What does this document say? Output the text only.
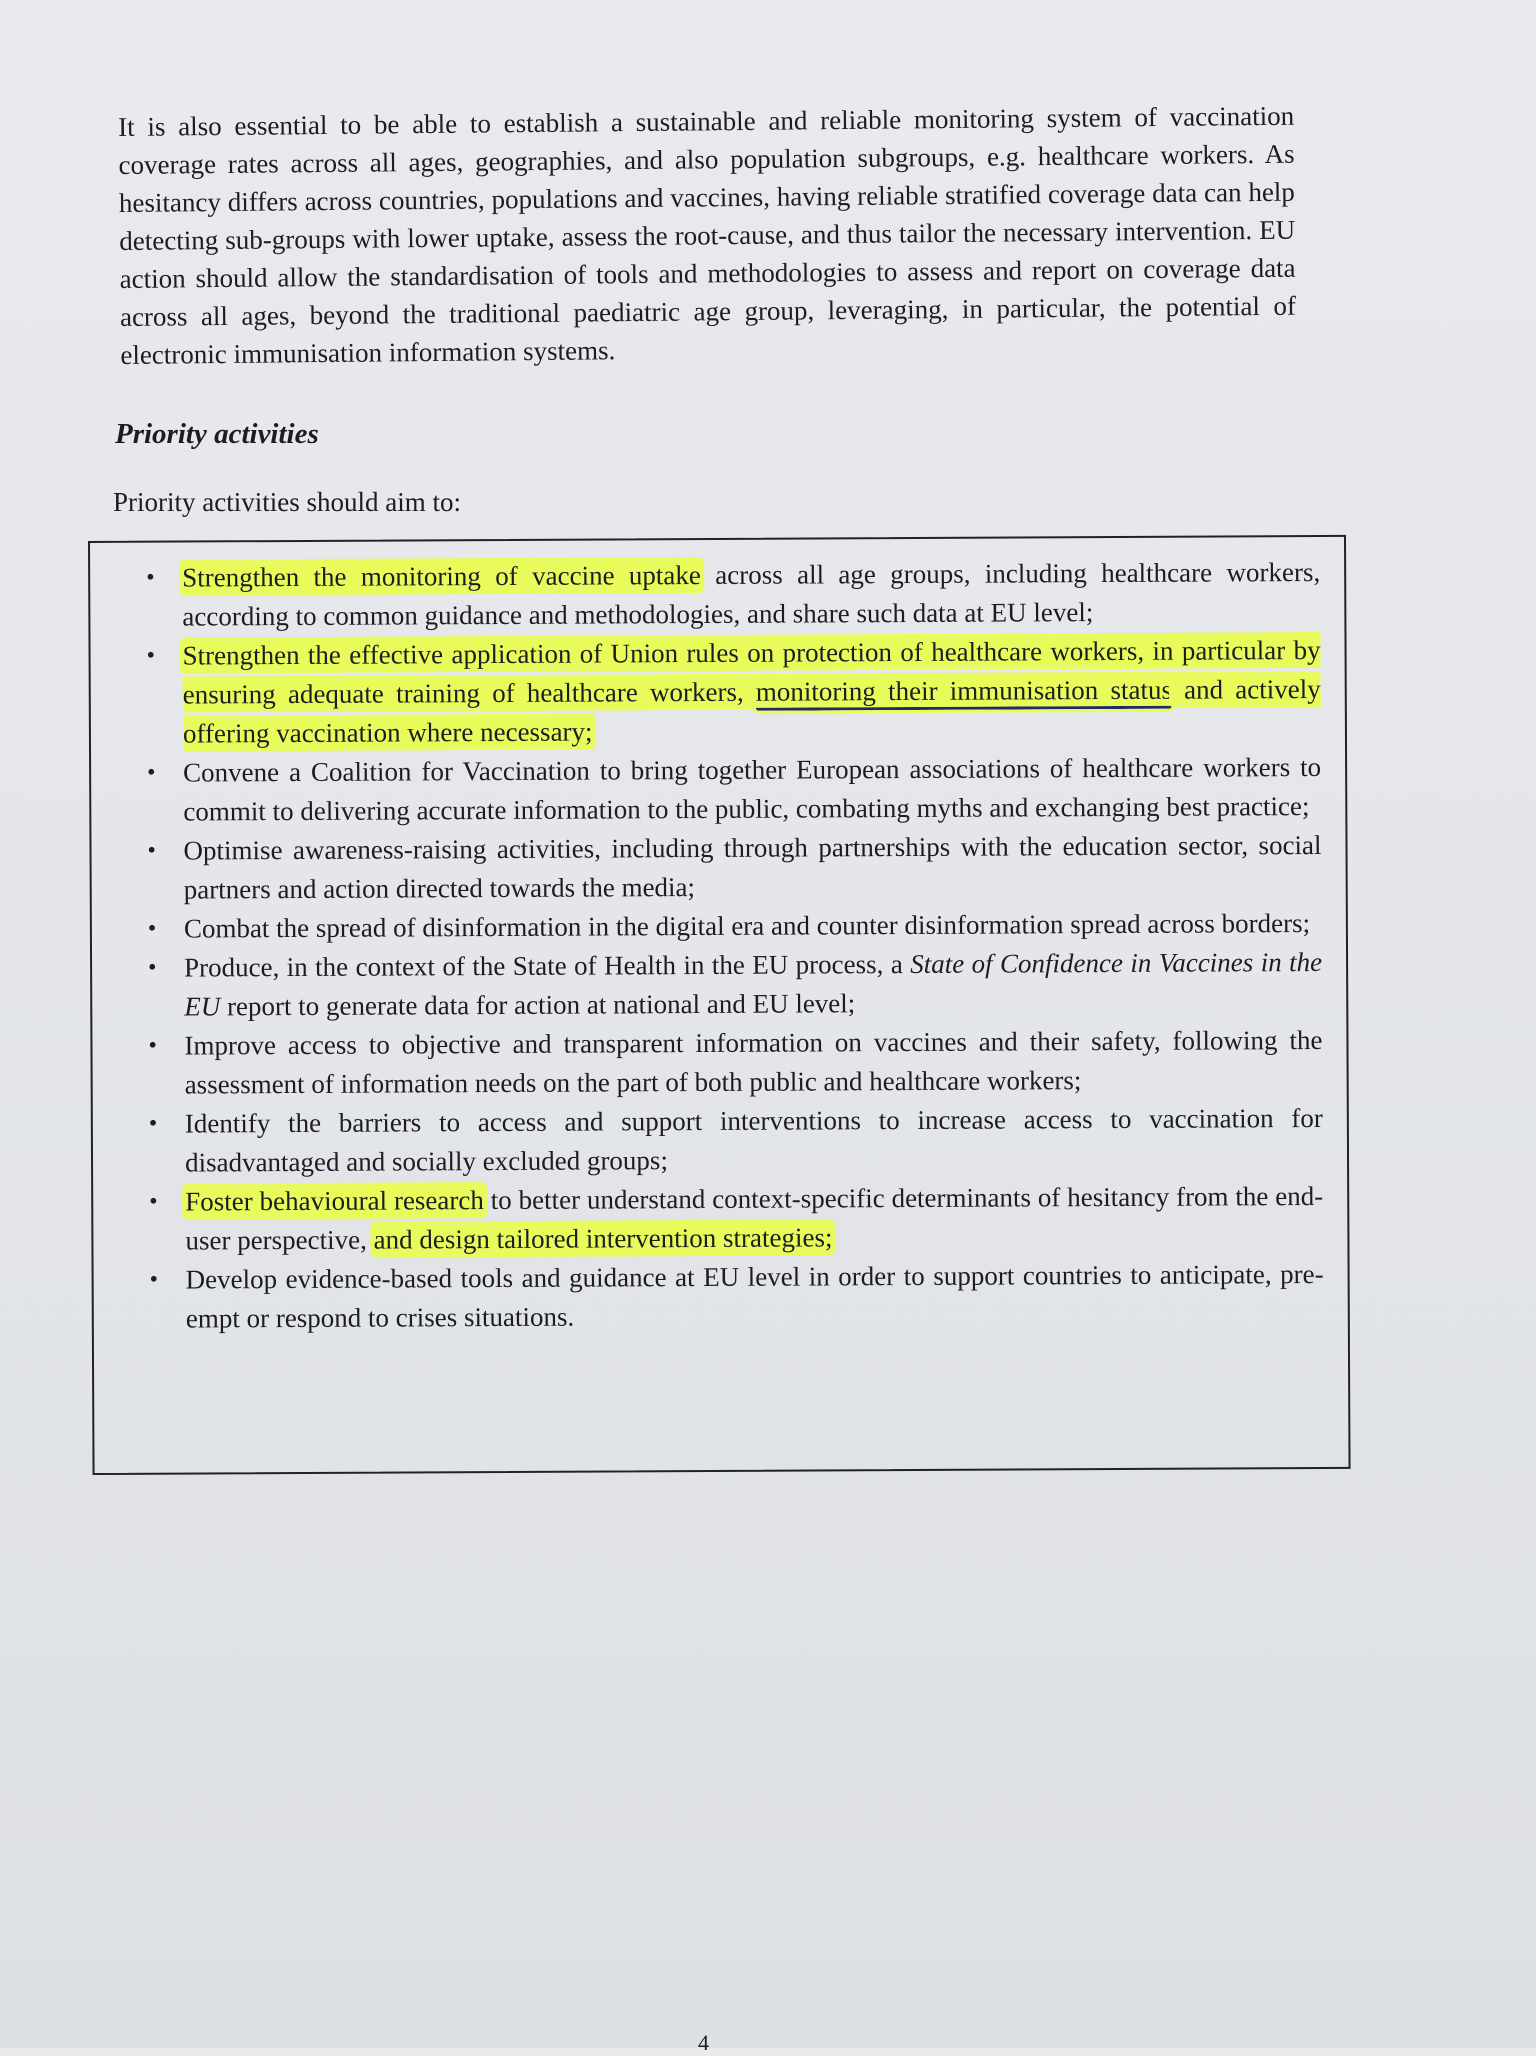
It is also essential to be able to establish a sustainable and reliable monitoring system of vaccination coverage rates across all ages, geographies, and also population subgroups, e.g. healthcare workers. As hesitancy differs across countries, populations and vaccines, having reliable stratified coverage data can help detecting sub-groups with lower uptake, assess the root-cause, and thus tailor the necessary intervention. EU action should allow the standardisation of tools and methodologies to assess and report on coverage data across all ages, beyond the traditional paediatric age group, leveraging, in particular, the potential of electronic immunisation information systems.

Priority activities

Priority activities should aim to:

• Strengthen the monitoring of vaccine uptake across all age groups, including healthcare workers, according to common guidance and methodologies, and share such data at EU level;
• Strengthen the effective application of Union rules on protection of healthcare workers, in particular by ensuring adequate training of healthcare workers, monitoring their immunisation status and actively offering vaccination where necessary;
• Convene a Coalition for Vaccination to bring together European associations of healthcare workers to commit to delivering accurate information to the public, combating myths and exchanging best practice;
• Optimise awareness-raising activities, including through partnerships with the education sector, social partners and action directed towards the media;
• Combat the spread of disinformation in the digital era and counter disinformation spread across borders;
• Produce, in the context of the State of Health in the EU process, a State of Confidence in Vaccines in the EU report to generate data for action at national and EU level;
• Improve access to objective and transparent information on vaccines and their safety, following the assessment of information needs on the part of both public and healthcare workers;
• Identify the barriers to access and support interventions to increase access to vaccination for disadvantaged and socially excluded groups;
• Foster behavioural research to better understand context-specific determinants of hesitancy from the end-user perspective, and design tailored intervention strategies;
• Develop evidence-based tools and guidance at EU level in order to support countries to anticipate, pre-empt or respond to crises situations.
4
